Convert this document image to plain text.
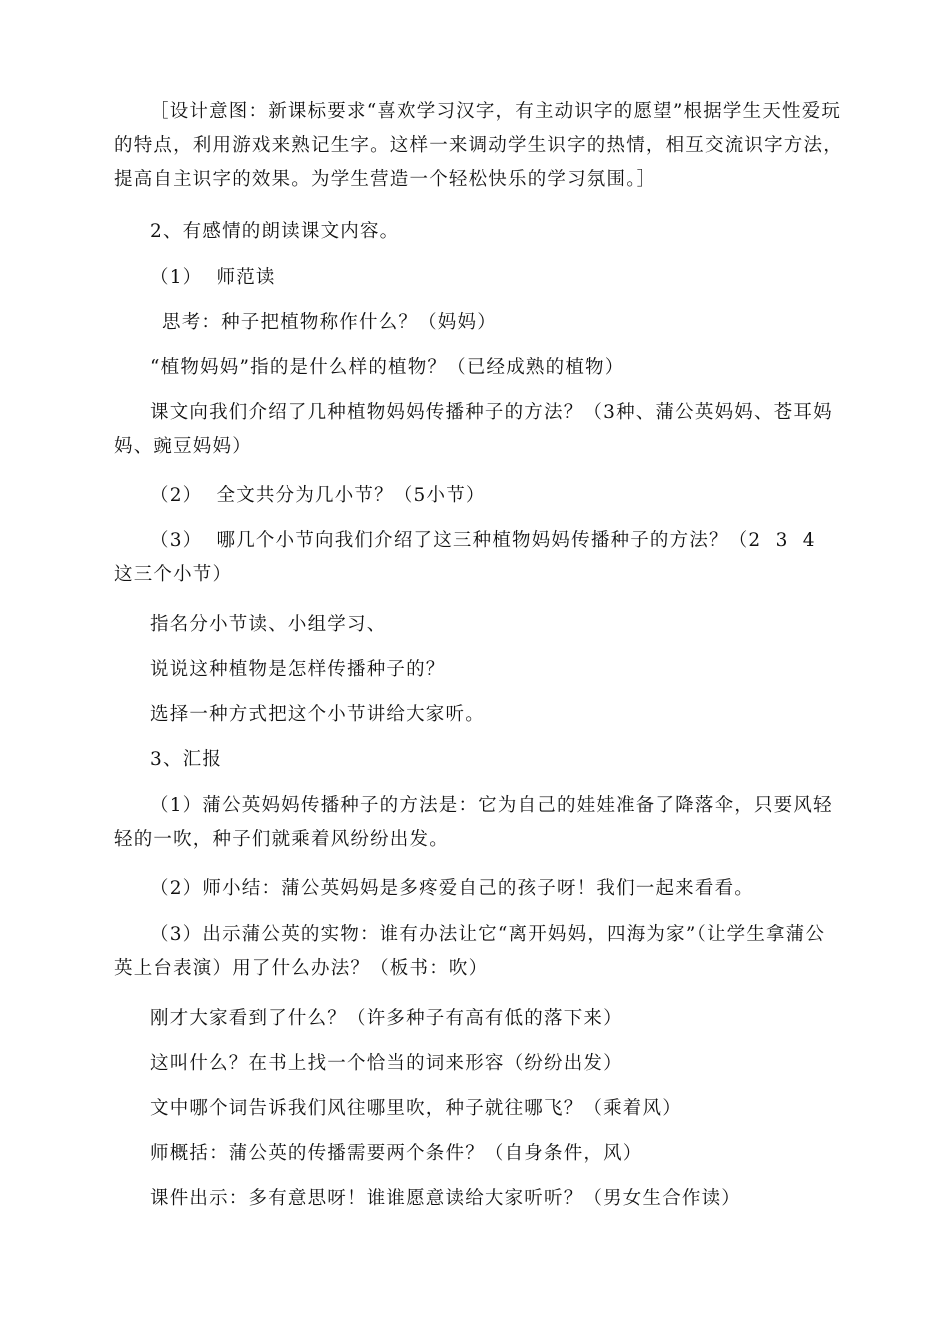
［设计意图：新课标要求“喜欢学习汉字，有主动识字的愿望”根据学生天性爱玩的特点，利用游戏来熟记生字。这样一来调动学生识字的热情，相互交流识字方法，提高自主识字的效果。为学生营造一个轻松快乐的学习氛围。］

2、有感情的朗读课文内容。

（1）  师范读

思考：种子把植物称作什么？（妈妈）

“植物妈妈”指的是什么样的植物？（已经成熟的植物）

课文向我们介绍了几种植物妈妈传播种子的方法？（3种、蒲公英妈妈、苍耳妈妈、豌豆妈妈）

（2）  全文共分为几小节？（5小节）

（3）  哪几个小节向我们介绍了这三种植物妈妈传播种子的方法？（2  3  4  这三个小节）

指名分小节读、小组学习、

说说这种植物是怎样传播种子的？

选择一种方式把这个小节讲给大家听。

3、汇报

（1）蒲公英妈妈传播种子的方法是：它为自己的娃娃准备了降落伞，只要风轻轻的一吹，种子们就乘着风纷纷出发。

（2）师小结：蒲公英妈妈是多疼爱自己的孩子呀！我们一起来看看。

（3）出示蒲公英的实物：谁有办法让它“离开妈妈，四海为家”（让学生拿蒲公英上台表演）用了什么办法？（板书：吹）

刚才大家看到了什么？（许多种子有高有低的落下来）

这叫什么？在书上找一个恰当的词来形容（纷纷出发）

文中哪个词告诉我们风往哪里吹，种子就往哪飞？（乘着风）

师概括：蒲公英的传播需要两个条件？（自身条件，风）

课件出示：多有意思呀！谁谁愿意读给大家听听？（男女生合作读）
